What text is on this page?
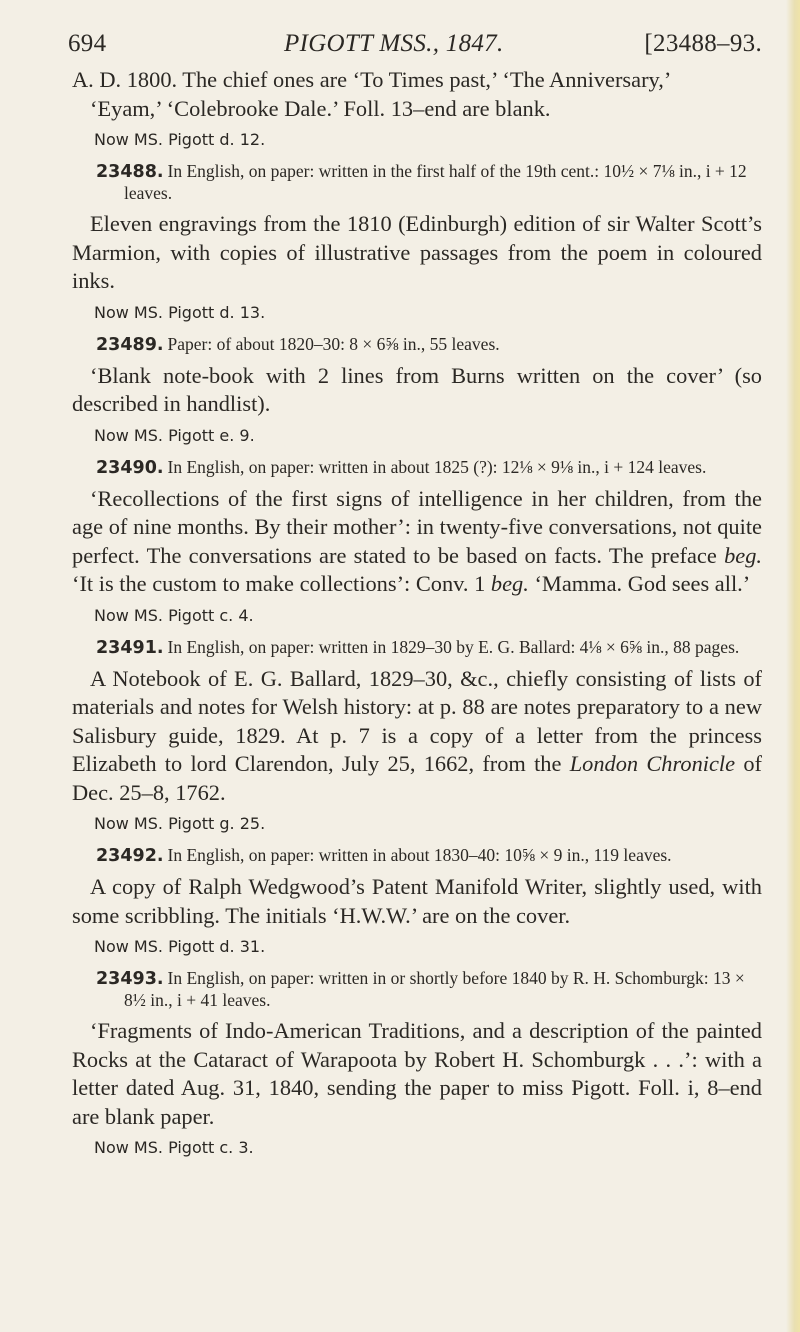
694	PIGOTT MSS., 1847.	[23488–93.

A. D. 1800. The chief ones are ‘To Times past,’ ‘The Anniversary,’

‘Eyam,’ ‘Colebrooke Dale.’ Foll. 13–end are blank.

Now MS. Pigott d. 12.
23488. In English, on paper: written in the first half of the 19th cent.: 10½ × 7⅛ in., i + 12 leaves.

Eleven engravings from the 1810 (Edinburgh) edition of sir Walter Scott’s Marmion, with copies of illustrative passages from the poem in coloured inks.

Now MS. Pigott d. 13.
23489. Paper: of about 1820–30: 8 × 6⅝ in., 55 leaves.

‘Blank note-book with 2 lines from Burns written on the cover’ (so described in handlist).

Now MS. Pigott e. 9.
23490. In English, on paper: written in about 1825 (?): 12⅛ × 9⅛ in., i + 124 leaves.

‘Recollections of the first signs of intelligence in her children, from the age of nine months. By their mother’: in twenty-five conversations, not quite perfect. The conversations are stated to be based on facts. The preface beg. ‘It is the custom to make collections’: Conv. 1 beg. ‘Mamma. God sees all.’

Now MS. Pigott c. 4.
23491. In English, on paper: written in 1829–30 by E. G. Ballard: 4⅛ × 6⅝ in., 88 pages.

A Notebook of E. G. Ballard, 1829–30, &c., chiefly consisting of lists of materials and notes for Welsh history: at p. 88 are notes preparatory to a new Salisbury guide, 1829. At p. 7 is a copy of a letter from the princess Elizabeth to lord Clarendon, July 25, 1662, from the London Chronicle of Dec. 25–8, 1762.

Now MS. Pigott g. 25.
23492. In English, on paper: written in about 1830–40: 10⅝ × 9 in., 119 leaves.

A copy of Ralph Wedgwood’s Patent Manifold Writer, slightly used, with some scribbling. The initials ‘H.W.W.’ are on the cover.

Now MS. Pigott d. 31.
23493. In English, on paper: written in or shortly before 1840 by R. H. Schomburgk: 13 × 8½ in., i + 41 leaves.

‘Fragments of Indo-American Traditions, and a description of the painted Rocks at the Cataract of Warapoota by Robert H. Schomburgk . . .’: with a letter dated Aug. 31, 1840, sending the paper to miss Pigott. Foll. i, 8–end are blank paper.

Now MS. Pigott c. 3.
